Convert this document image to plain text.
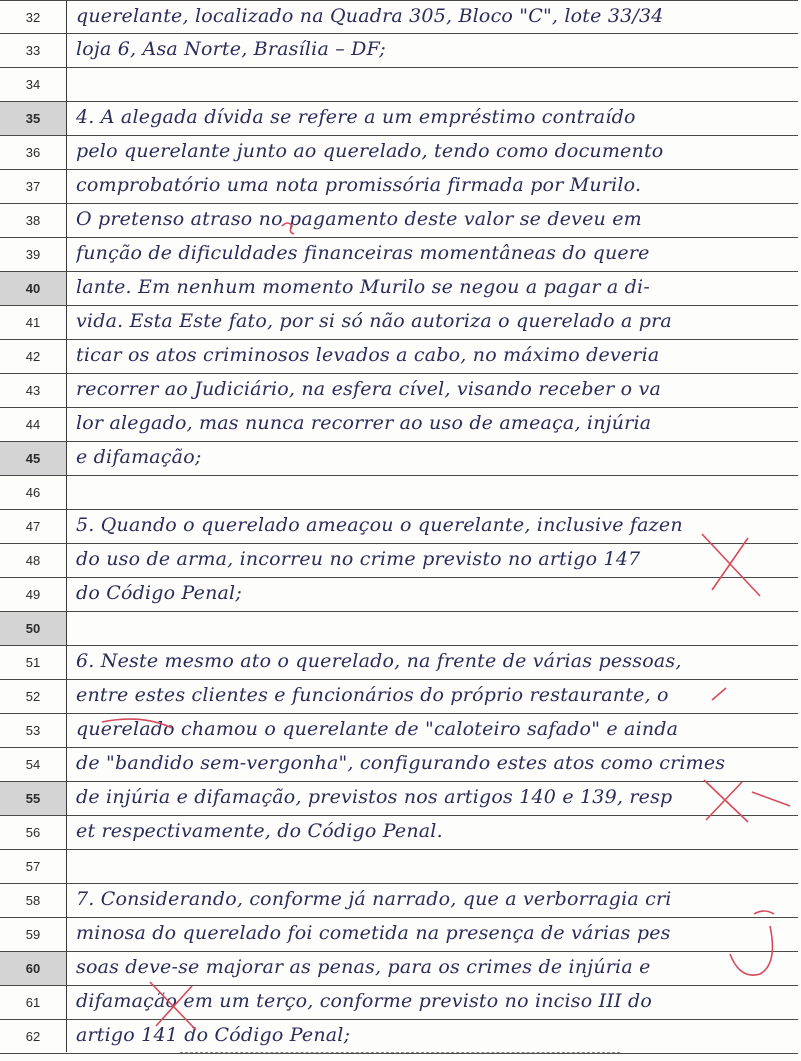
32	querelante, localizado na Quadra 305, Bloco "C", lote 33/34
33	loja 6, Asa Norte, Brasília – DF;
34
35	4. A alegada dívida se refere a um empréstimo contraído
36	pelo querelante junto ao querelado, tendo como documento
37	comprobatório uma nota promissória firmada por Murilo.
38	O pretenso atraso no pagamento deste valor se deveu em
39	função de dificuldades financeiras momentâneas do quere
40	lante. Em nenhum momento Murilo se negou a pagar a di-
41	vida. Esta Este fato, por si só não autoriza o querelado a pra
42	ticar os atos criminosos levados a cabo, no máximo deveria
43	recorrer ao Judiciário, na esfera cível, visando receber o va
44	lor alegado, mas nunca recorrer ao uso de ameaça, injúria
45	e difamação;
46
47	5. Quando o querelado ameaçou o querelante, inclusive fazen
48	do uso de arma, incorreu no crime previsto no artigo 147
49	do Código Penal;
50
51	6. Neste mesmo ato o querelado, na frente de várias pessoas,
52	entre estes clientes e funcionários do próprio restaurante, o
53	querelado chamou o querelante de "caloteiro safado" e ainda
54	de "bandido sem-vergonha", configurando estes atos como crimes
55	de injúria e difamação, previstos nos artigos 140 e 139, resp
56	et respectivamente, do Código Penal.
57
58	7. Considerando, conforme já narrado, que a verborragia cri
59	minosa do querelado foi cometida na presença de várias pes
60	soas deve-se majorar as penas, para os crimes de injúria e
61	difamação em um terço, conforme previsto no inciso III do
62	artigo 141 do Código Penal;
